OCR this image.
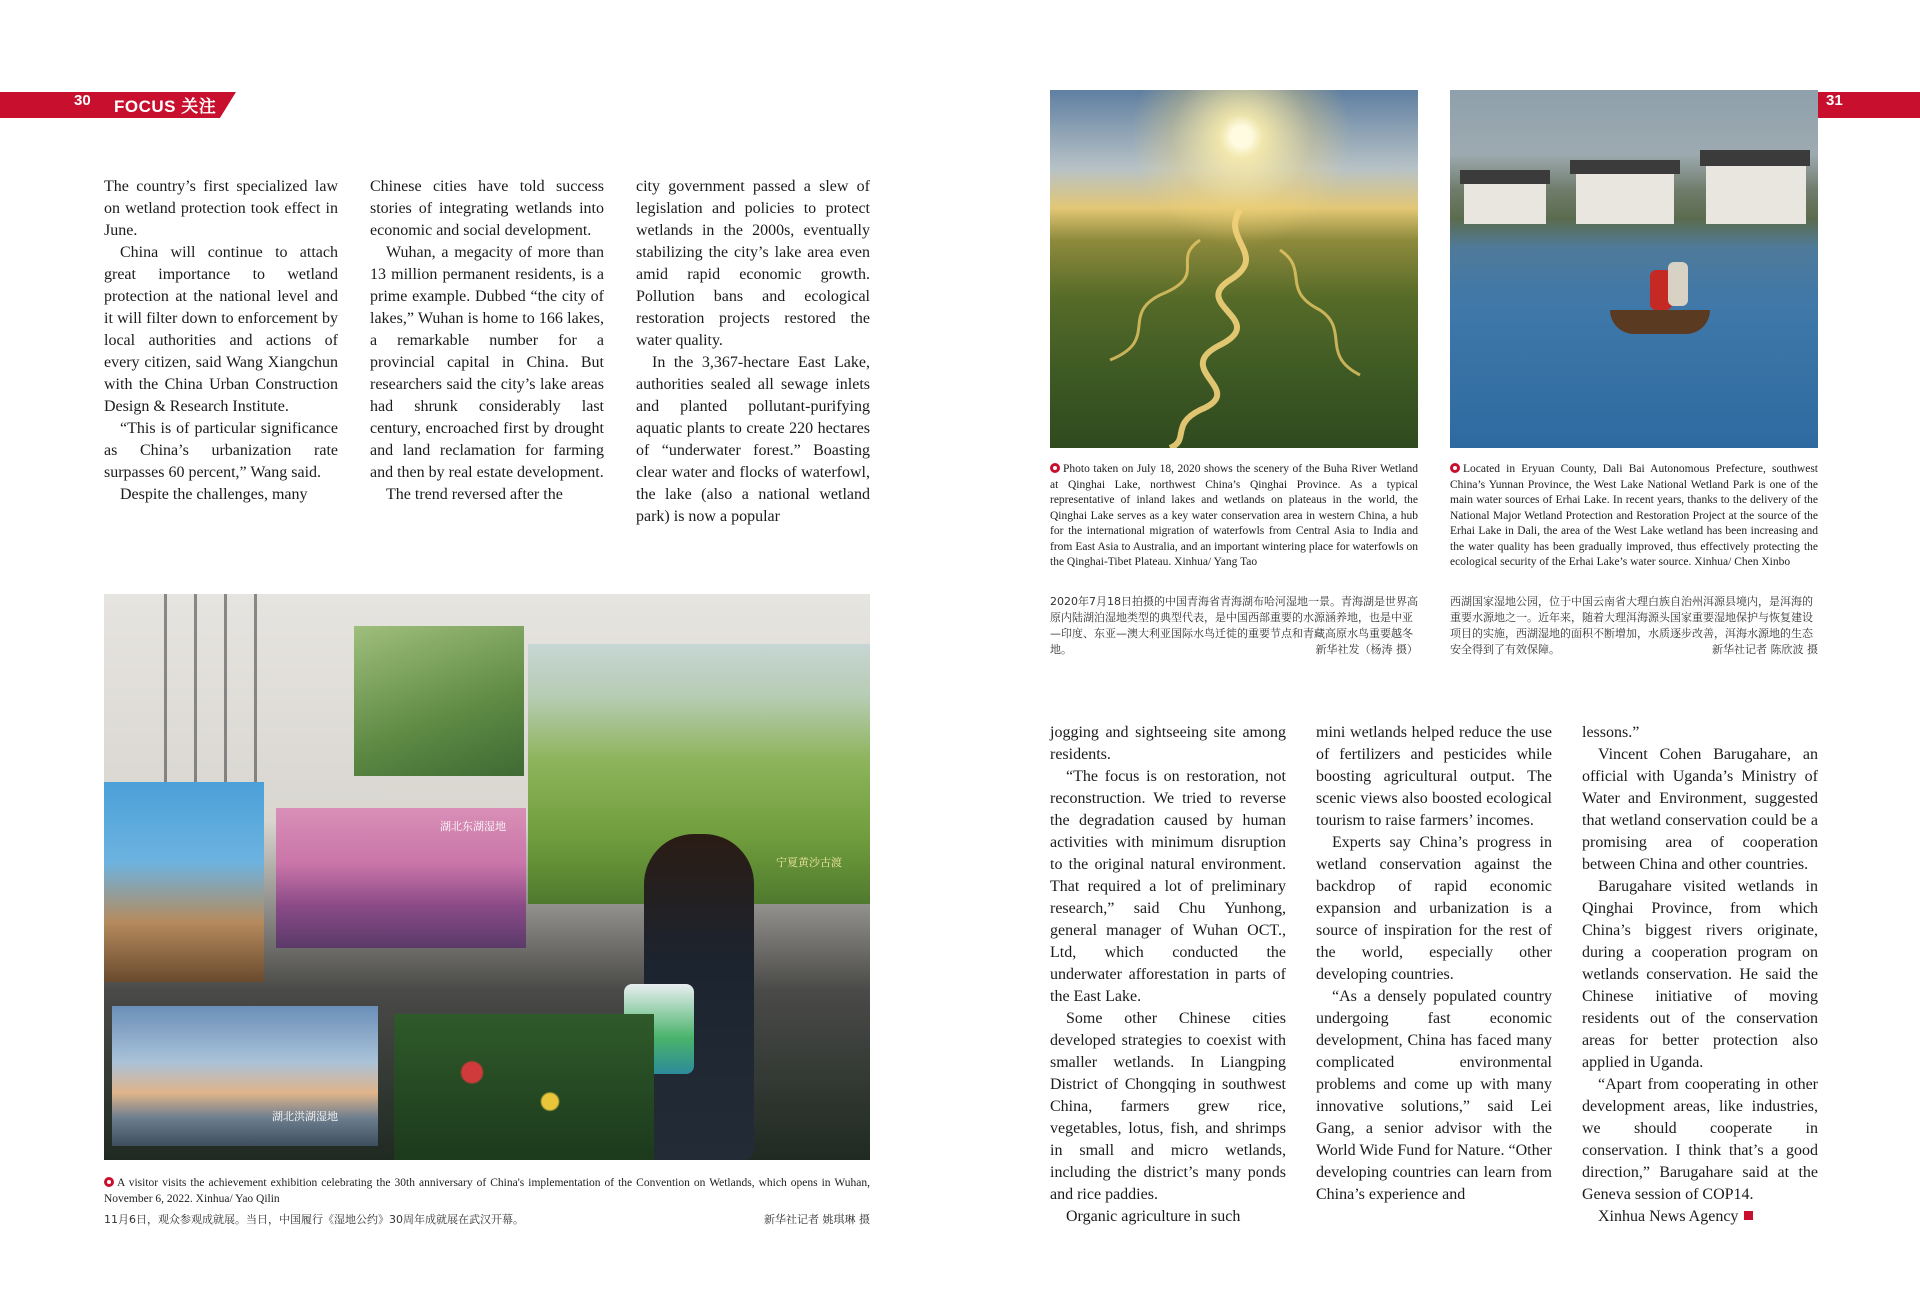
30 FOCUS 关注	31

The country’s first specialized law on wetland protection took effect in June.

China will continue to attach great importance to wetland protection at the national level and it will filter down to enforcement by local authorities and actions of every citizen, said Wang Xiangchun with the China Urban Construction Design & Research Institute.

“This is of particular significance as China’s urbanization rate surpasses 60 percent,” Wang said.

Despite the challenges, many

Chinese cities have told success stories of integrating wetlands into economic and social development.

Wuhan, a megacity of more than 13 million permanent residents, is a prime example. Dubbed “the city of lakes,” Wuhan is home to 166 lakes, a remarkable number for a provincial capital in China. But researchers said the city’s lake areas had shrunk considerably last century, encroached first by drought and land reclamation for farming and then by real estate development.

The trend reversed after the

city government passed a slew of legislation and policies to protect wetlands in the 2000s, eventually stabilizing the city’s lake area even amid rapid economic growth. Pollution bans and ecological restoration projects restored the water quality.

In the 3,367-hectare East Lake, authorities sealed all sewage inlets and planted pollutant-purifying aquatic plants to create 220 hectares of “underwater forest.” Boasting clear water and flocks of waterfowl, the lake (also a national wetland park) is now a popular

Photo taken on July 18, 2020 shows the scenery of the Buha River Wetland at Qinghai Lake, northwest China’s Qinghai Province. As a typical representative of inland lakes and wetlands on plateaus in the world, the Qinghai Lake serves as a key water conservation area in western China, a hub for the international migration of waterfowls from Central Asia to India and from East Asia to Australia, and an important wintering place for waterfowls on the Qinghai-Tibet Plateau. Xinhua/ Yang Tao
2020年7月18日拍摄的中国青海省青海湖布哈河湿地一景。青海湖是世界高原内陆湖泊湿地类型的典型代表，是中国西部重要的水源涵养地，也是中亚—印度、东亚—澳大利亚国际水鸟迁徙的重要节点和青藏高原水鸟重要越冬地。	新华社发（杨涛 摄）
Located in Eryuan County, Dali Bai Autonomous Prefecture, southwest China’s Yunnan Province, the West Lake National Wetland Park is one of the main water sources of Erhai Lake. In recent years, thanks to the delivery of the National Major Wetland Protection and Restoration Project at the source of the Erhai Lake in Dali, the area of the West Lake wetland has been increasing and the water quality has been gradually improved, thus effectively protecting the ecological security of the Erhai Lake’s water source. Xinhua/ Chen Xinbo
西湖国家湿地公园，位于中国云南省大理白族自治州洱源县境内，是洱海的重要水源地之一。近年来，随着大理洱海源头国家重要湿地保护与恢复建设项目的实施，西湖湿地的面积不断增加，水质逐步改善，洱海水源地的生态安全得到了有效保障。	新华社记者 陈欣波 摄
宁夏黄沙古渡
湖北东湖湿地
湖北洪湖湿地
A visitor visits the achievement exhibition celebrating the 30th anniversary of China's implementation of the Convention on Wetlands, which opens in Wuhan, November 6, 2022. Xinhua/ Yao Qilin
11月6日，观众参观成就展。当日，中国履行《湿地公约》30周年成就展在武汉开幕。	新华社记者 姚琪琳 摄

jogging and sightseeing site among residents.

“The focus is on restoration, not reconstruction. We tried to reverse the degradation caused by human activities with minimum disruption to the original natural environment. That required a lot of preliminary research,” said Chu Yunhong, general manager of Wuhan OCT., Ltd, which conducted the underwater afforestation in parts of the East Lake.

Some other Chinese cities developed strategies to coexist with smaller wetlands. In Liangping District of Chongqing in southwest China, farmers grew rice, vegetables, lotus, fish, and shrimps in small and micro wetlands, including the district’s many ponds and rice paddies.

Organic agriculture in such

mini wetlands helped reduce the use of fertilizers and pesticides while boosting agricultural output. The scenic views also boosted ecological tourism to raise farmers’ incomes.

Experts say China’s progress in wetland conservation against the backdrop of rapid economic expansion and urbanization is a source of inspiration for the rest of the world, especially other developing countries.

“As a densely populated country undergoing fast economic development, China has faced many complicated environmental problems and come up with many innovative solutions,” said Lei Gang, a senior advisor with the World Wide Fund for Nature. “Other developing countries can learn from China’s experience and

lessons.”

Vincent Cohen Barugahare, an official with Uganda’s Ministry of Water and Environment, suggested that wetland conservation could be a promising area of cooperation between China and other countries.

Barugahare visited wetlands in Qinghai Province, from which China’s biggest rivers originate, during a cooperation program on wetlands conservation. He said the Chinese initiative of moving residents out of the conservation areas for better protection also applied in Uganda.

“Apart from cooperating in other development areas, like industries, we should cooperate in conservation. I think that’s a good direction,” Barugahare said at the Geneva session of COP14.

Xinhua News Agency
